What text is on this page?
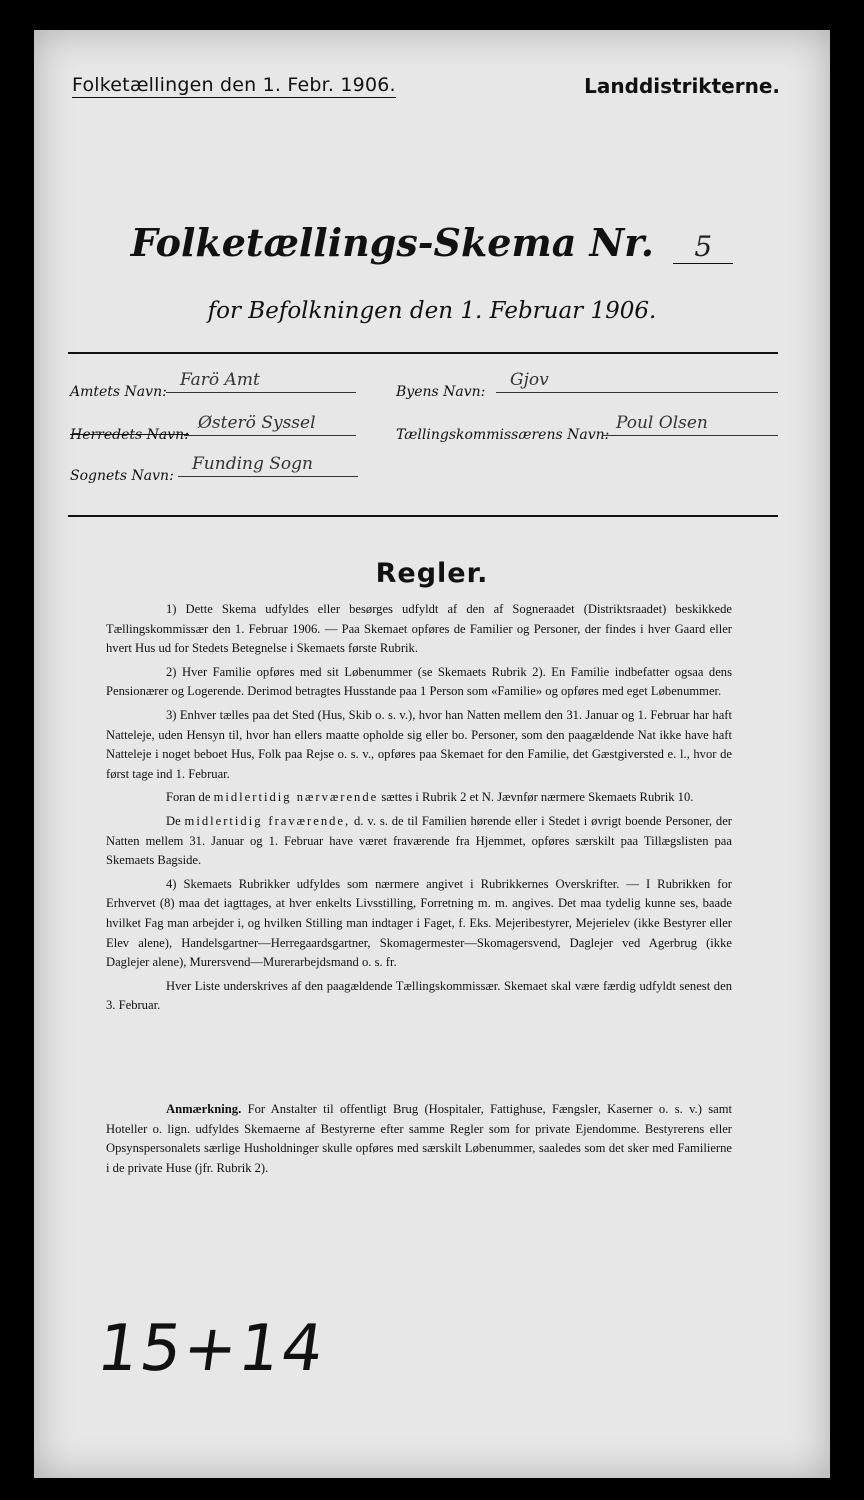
Folketællingen den 1. Febr. 1906.	Landdistrikterne.
Folketællings-Skema Nr. 5
for Befolkningen den 1. Februar 1906.
Amtets Navn:
Farö Amt
Byens Navn:
Gjov
Herredets Navn:
Østerö Syssel
Tællingskommissærens Navn:
Poul Olsen
Sognets Navn:
Funding Sogn
Regler.

1) Dette Skema udfyldes eller besørges udfyldt af den af Sogneraadet (Distriktsraadet) beskikkede Tællingskommissær den 1. Februar 1906. — Paa Skemaet opføres de Familier og Personer, der findes i hver Gaard eller hvert Hus ud for Stedets Betegnelse i Skemaets første Rubrik.

2) Hver Familie opføres med sit Løbenummer (se Skemaets Rubrik 2). En Familie indbefatter ogsaa dens Pensionærer og Logerende. Derimod betragtes Husstande paa 1 Person som «Familie» og opføres med eget Løbenummer.

3) Enhver tælles paa det Sted (Hus, Skib o. s. v.), hvor han Natten mellem den 31. Januar og 1. Februar har haft Natteleje, uden Hensyn til, hvor han ellers maatte opholde sig eller bo. Personer, som den paagældende Nat ikke have haft Natteleje i noget beboet Hus, Folk paa Rejse o. s. v., opføres paa Skemaet for den Familie, det Gæstgiversted e. l., hvor de først tage ind 1. Februar.

Foran de midlertidig nærværende sættes i Rubrik 2 et N. Jævnfør nærmere Skemaets Rubrik 10.

De midlertidig fraværende, d. v. s. de til Familien hørende eller i Stedet i øvrigt boende Personer, der Natten mellem 31. Januar og 1. Februar have været fraværende fra Hjemmet, opføres særskilt paa Tillægslisten paa Skemaets Bagside.

4) Skemaets Rubrikker udfyldes som nærmere angivet i Rubrikkernes Overskrifter. — I Rubrikken for Erhvervet (8) maa det iagttages, at hver enkelts Livsstilling, Forretning m. m. angives. Det maa tydelig kunne ses, baade hvilket Fag man arbejder i, og hvilken Stilling man indtager i Faget, f. Eks. Mejeribestyrer, Mejerielev (ikke Bestyrer eller Elev alene), Handelsgartner—Herregaardsgartner, Skomagermester—Skomagersvend, Daglejer ved Agerbrug (ikke Daglejer alene), Murersvend—Murerarbejdsmand o. s. fr.

Hver Liste underskrives af den paagældende Tællingskommissær. Skemaet skal være færdig udfyldt senest den 3. Februar.

Anmærkning. For Anstalter til offentligt Brug (Hospitaler, Fattighuse, Fængsler, Kaserner o. s. v.) samt Hoteller o. lign. udfyldes Skemaerne af Bestyrerne efter samme Regler som for private Ejendomme. Bestyrerens eller Opsynspersonalets særlige Husholdninger skulle opføres med særskilt Løbenummer, saaledes som det sker med Familierne i de private Huse (jfr. Rubrik 2).

15+14
